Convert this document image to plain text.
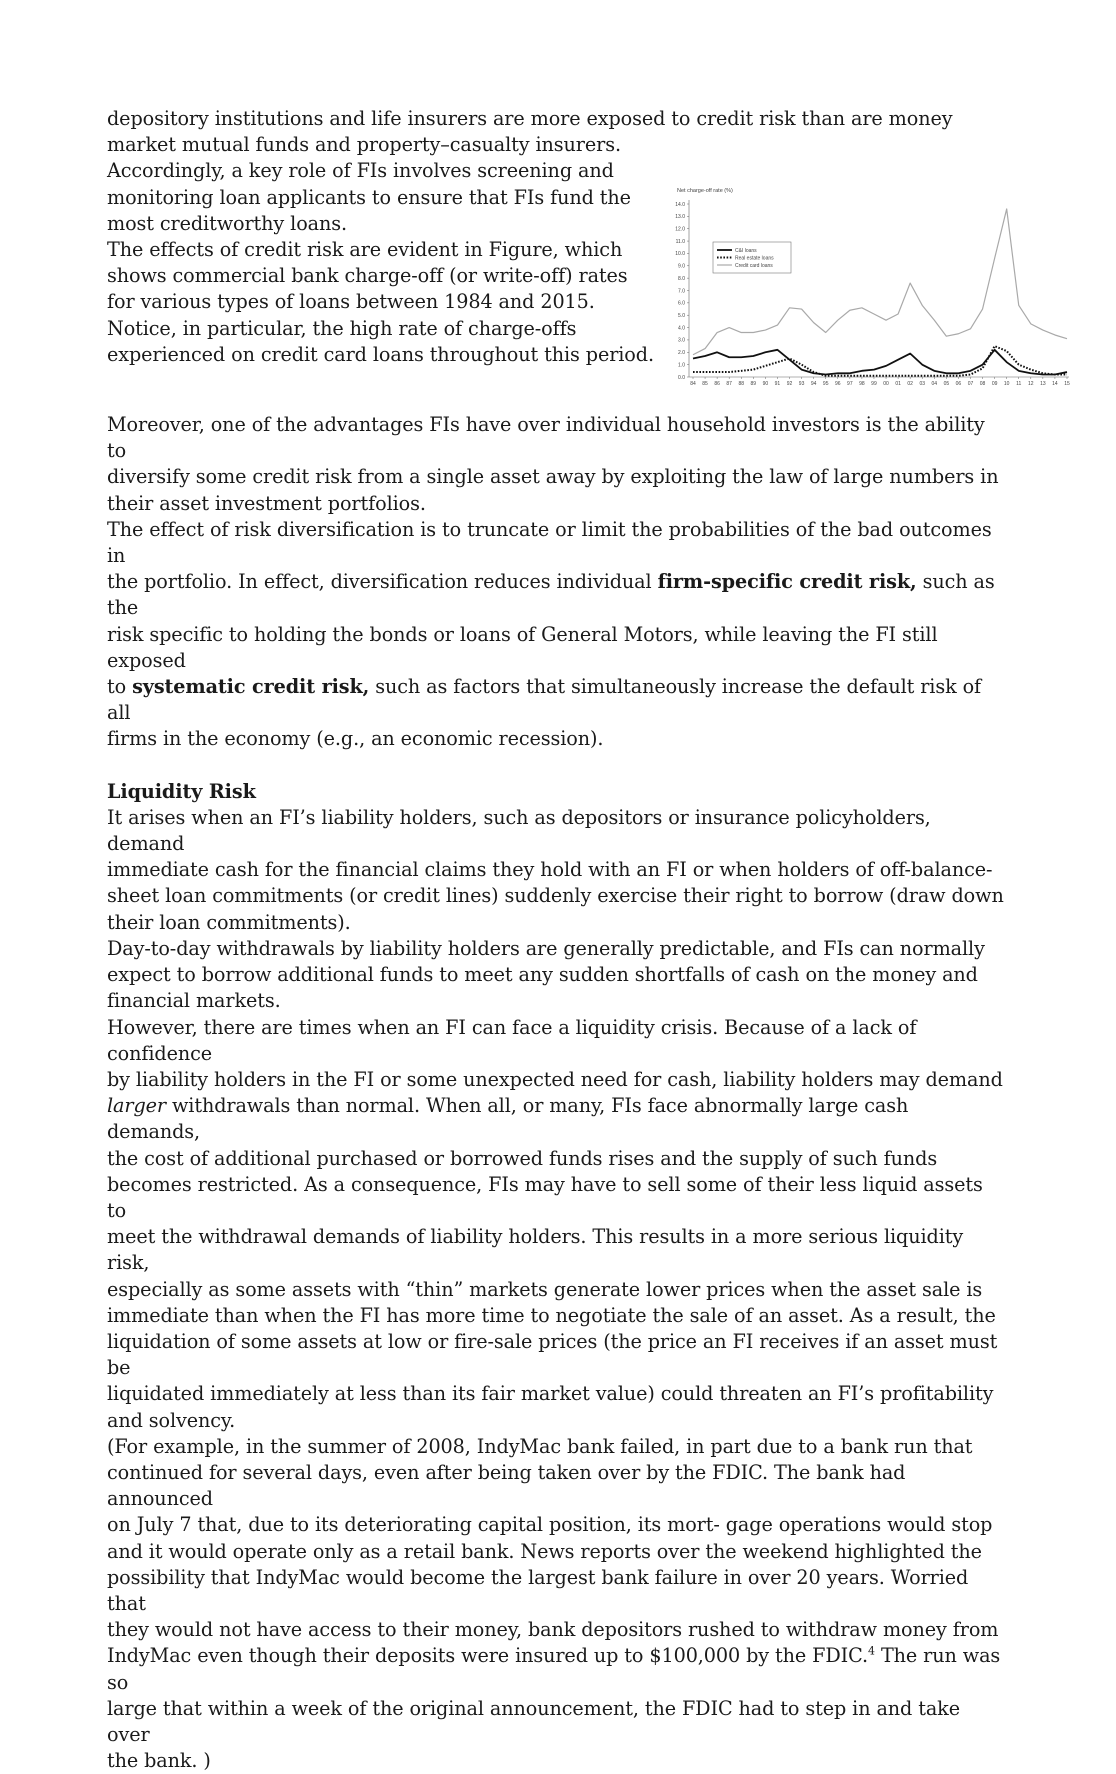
depository institutions and life insurers are more exposed to credit risk than are money

market mutual funds and property–casualty insurers.

Accordingly, a key role of FIs involves screening and

monitoring loan applicants to ensure that FIs fund the

most creditworthy loans.

The effects of credit risk are evident in Figure, which

shows commercial bank charge-off (or write-off) rates

for various types of loans between 1984 and 2015.

Notice, in particular, the high rate of charge-offs

experienced on credit card loans throughout this period.

Net charge-off rate (%)
0.0
1.0
2.0
3.0
4.0
5.0
6.0
7.0
8.0
9.0
10.0
11.0
12.0
13.0
14.0
84 85 86 87 88 89 90 91 92 93 94 95 96 97 98 99 00 01 02 03 04 05 06 07 08 09 10 11 12 13 14 15
C&I loans
Real estate loans
Credit card loans

Moreover, one of the advantages FIs have over individual household investors is the ability to

diversify some credit risk from a single asset away by exploiting the law of large numbers in

their asset investment portfolios.

The effect of risk diversification is to truncate or limit the probabilities of the bad outcomes in

the portfolio. In effect, diversification reduces individual firm-specific credit risk, such as the

risk specific to holding the bonds or loans of General Motors, while leaving the FI still exposed

to systematic credit risk, such as factors that simultaneously increase the default risk of all

firms in the economy (e.g., an economic recession).

Liquidity Risk

It arises when an FI’s liability holders, such as depositors or insurance policyholders, demand

immediate cash for the financial claims they hold with an FI or when holders of off-balance-

sheet loan commitments (or credit lines) suddenly exercise their right to borrow (draw down

their loan commitments).

Day-to-day withdrawals by liability holders are generally predictable, and FIs can normally

expect to borrow additional funds to meet any sudden shortfalls of cash on the money and

financial markets.

However, there are times when an FI can face a liquidity crisis. Because of a lack of confidence

by liability holders in the FI or some unexpected need for cash, liability holders may demand

larger withdrawals than normal. When all, or many, FIs face abnormally large cash demands,

the cost of additional purchased or borrowed funds rises and the supply of such funds

becomes restricted. As a consequence, FIs may have to sell some of their less liquid assets to

meet the withdrawal demands of liability holders. This results in a more serious liquidity risk,

especially as some assets with “thin” markets generate lower prices when the asset sale is

immediate than when the FI has more time to negotiate the sale of an asset. As a result, the

liquidation of some assets at low or fire-sale prices (the price an FI receives if an asset must be

liquidated immediately at less than its fair market value) could threaten an FI’s profitability

and solvency.

(For example, in the summer of 2008, IndyMac bank failed, in part due to a bank run that

continued for several days, even after being taken over by the FDIC. The bank had announced

on July 7 that, due to its deteriorating capital position, its mort- gage operations would stop

and it would operate only as a retail bank. News reports over the weekend highlighted the

possibility that IndyMac would become the largest bank failure in over 20 years. Worried that

they would not have access to their money, bank depositors rushed to withdraw money from

IndyMac even though their deposits were insured up to $100,000 by the FDIC.$^4$ The run was so

large that within a week of the original announcement, the FDIC had to step in and take over

the bank. )
